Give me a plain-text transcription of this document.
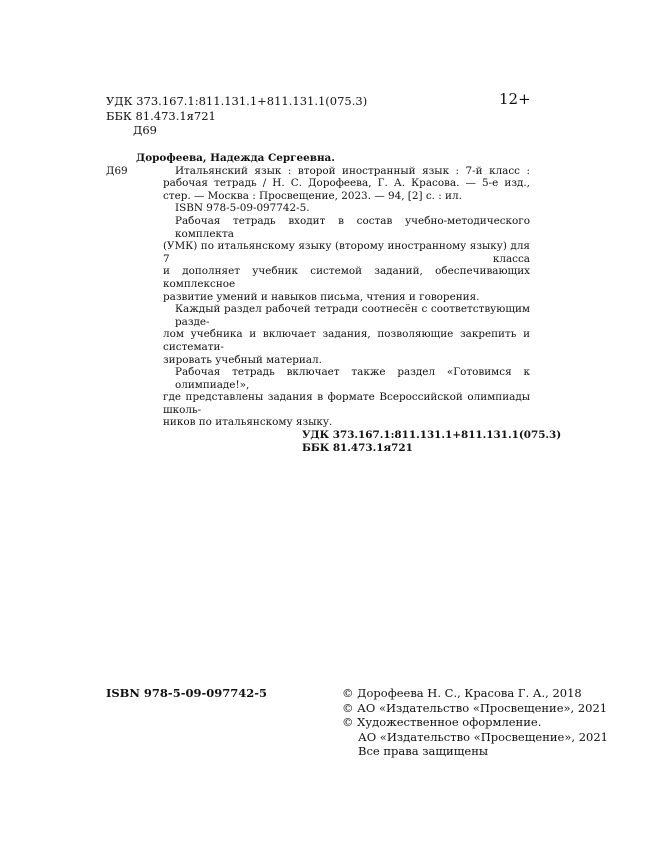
УДК 373.167.1:811.131.1+811.131.1(075.3)
ББК 81.473.1я721
Д69
12+
Д69
Дорофеева, Надежда Сергеевна.
Итальянский язык : второй иностранный язык : 7-й класс :
рабочая тетрадь / Н. С. Дорофеева, Г. А. Красова. — 5-е изд.,
стер. — Москва : Просвещение, 2023. — 94, [2] с. : ил.
ISBN 978-5-09-097742-5.
Рабочая тетрадь входит в состав учебно-методического комплекта
(УМК) по итальянскому языку (второму иностранному языку) для 7 класса
и дополняет учебник системой заданий, обеспечивающих комплексное
развитие умений и навыков письма, чтения и говорения.
Каждый раздел рабочей тетради соотнесён с соответствующим разде-
лом учебника и включает задания, позволяющие закрепить и системати-
зировать учебный материал.
Рабочая тетрадь включает также раздел «Готовимся к олимпиаде!»,
где представлены задания в формате Всероссийской олимпиады школь-
ников по итальянскому языку.
УДК 373.167.1:811.131.1+811.131.1(075.3)
ББК 81.473.1я721
ISBN 978-5-09-097742-5	© Дорофеева Н. С., Красова Г. А., 2018
© АО «Издательство «Просвещение», 2021
© Художественное оформление.
АО «Издательство «Просвещение», 2021
Все права защищены
